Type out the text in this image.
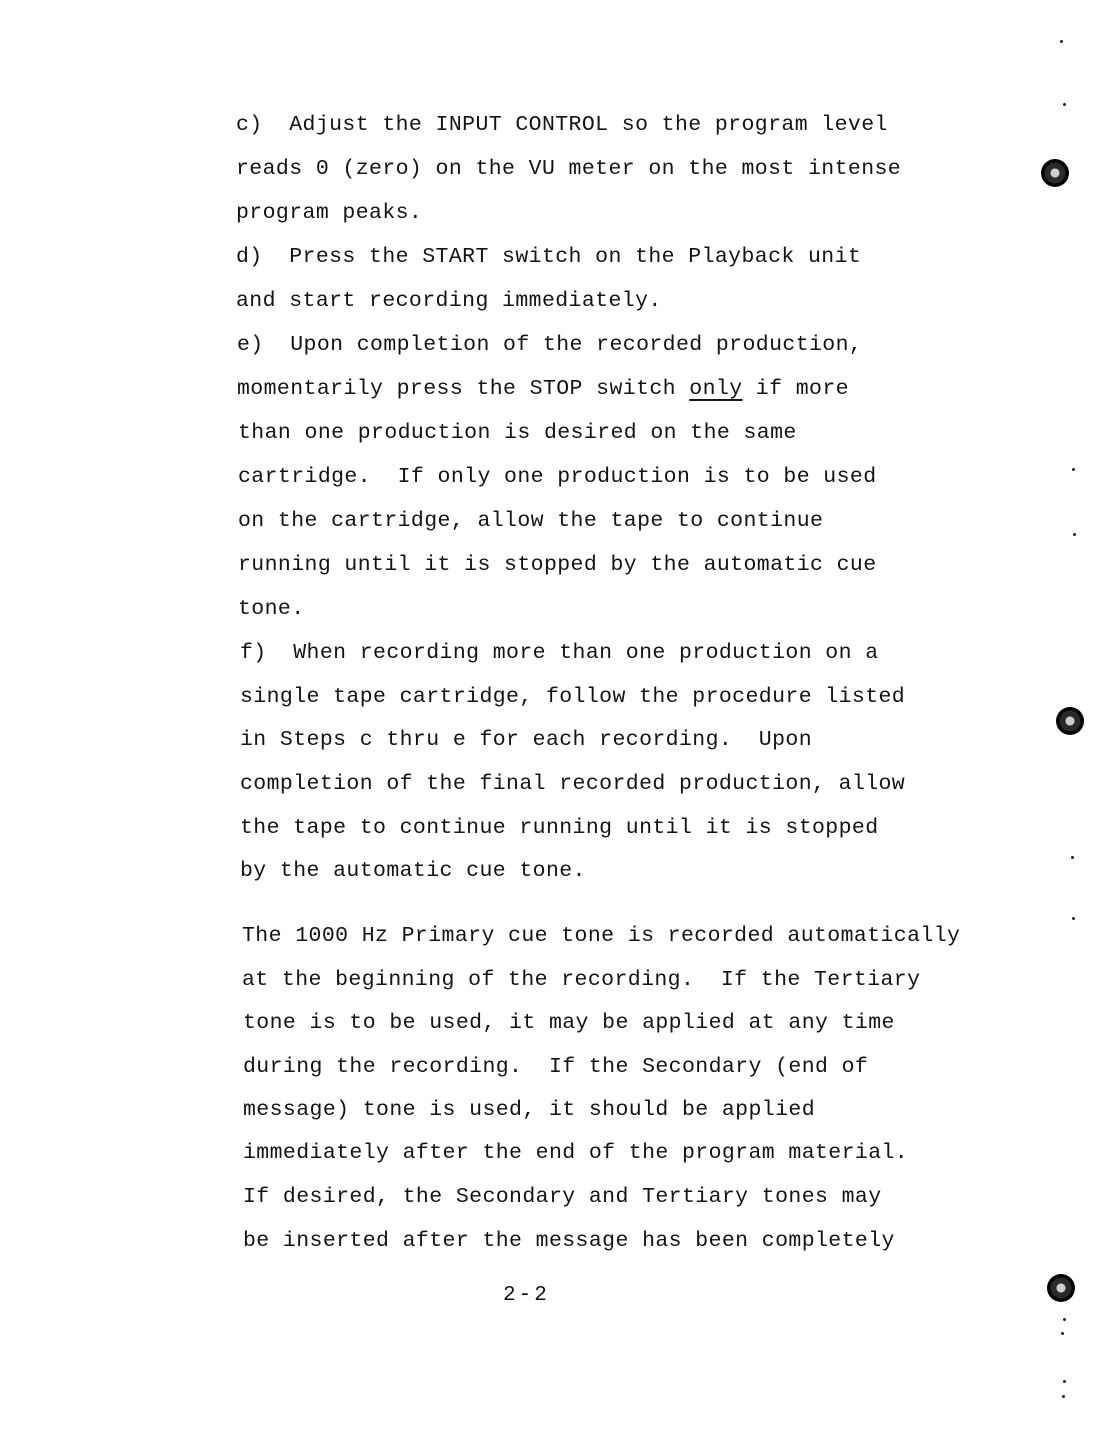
c)  Adjust the INPUT CONTROL so the program level
reads 0 (zero) on the VU meter on the most intense
program peaks.
d)  Press the START switch on the Playback unit
and start recording immediately.
e)  Upon completion of the recorded production,
momentarily press the STOP switch only if more
than one production is desired on the same
cartridge.  If only one production is to be used
on the cartridge, allow the tape to continue
running until it is stopped by the automatic cue
tone.
f)  When recording more than one production on a
single tape cartridge, follow the procedure listed
in Steps c thru e for each recording.  Upon
completion of the final recorded production, allow
the tape to continue running until it is stopped
by the automatic cue tone.
The 1000 Hz Primary cue tone is recorded automatically
at the beginning of the recording.  If the Tertiary
tone is to be used, it may be applied at any time
during the recording.  If the Secondary (end of
message) tone is used, it should be applied
immediately after the end of the program material.
If desired, the Secondary and Tertiary tones may
be inserted after the message has been completely
2-2
